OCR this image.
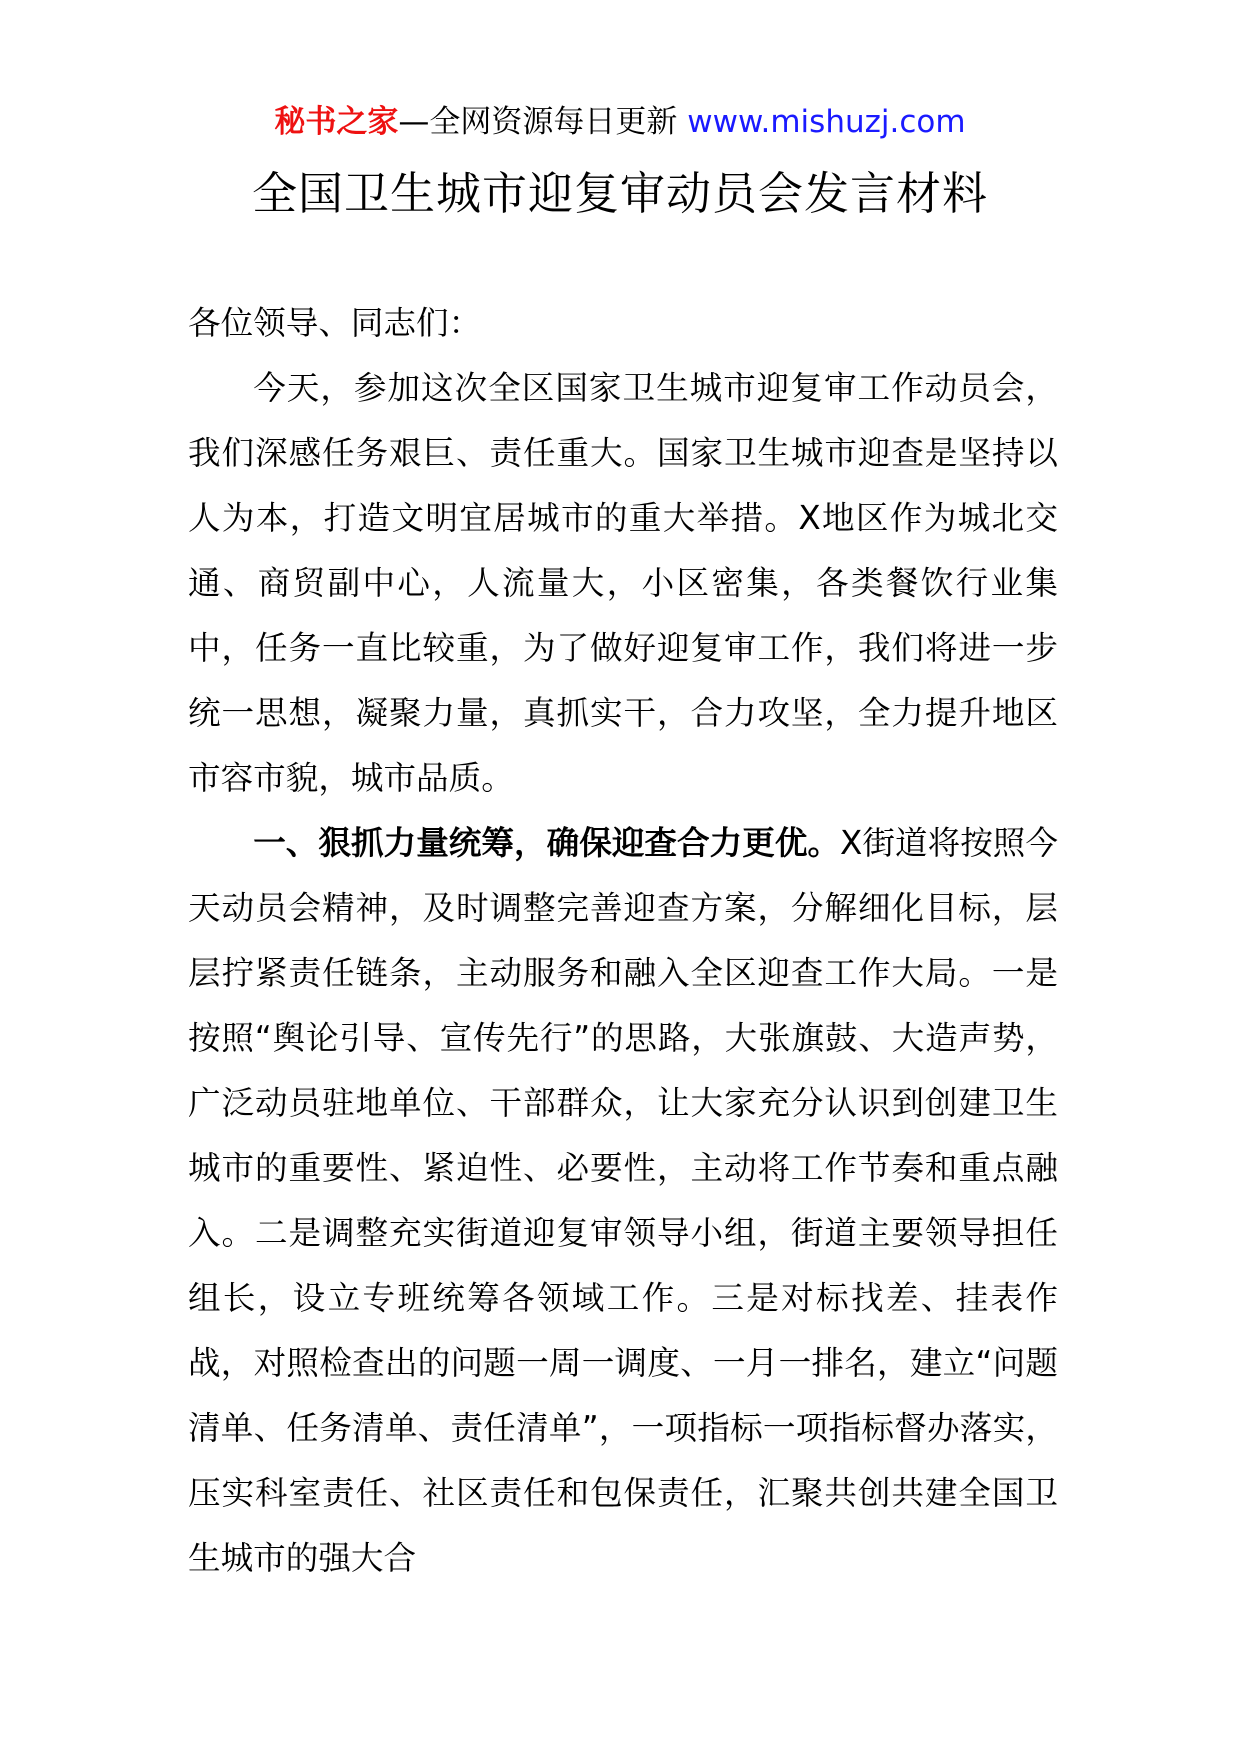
秘书之家—全网资源每日更新 www.mishuzj.com
全国卫生城市迎复审动员会发言材料

各位领导、同志们：

今天，参加这次全区国家卫生城市迎复审工作动员会，我们深感任务艰巨、责任重大。国家卫生城市迎查是坚持以人为本，打造文明宜居城市的重大举措。X地区作为城北交通、商贸副中心，人流量大，小区密集，各类餐饮行业集中，任务一直比较重，为了做好迎复审工作，我们将进一步统一思想，凝聚力量，真抓实干，合力攻坚，全力提升地区市容市貌，城市品质。

一、狠抓力量统筹，确保迎查合力更优。X街道将按照今天动员会精神，及时调整完善迎查方案，分解细化目标，层层拧紧责任链条，主动服务和融入全区迎查工作大局。一是按照“舆论引导、宣传先行”的思路，大张旗鼓、大造声势，广泛动员驻地单位、干部群众，让大家充分认识到创建卫生城市的重要性、紧迫性、必要性，主动将工作节奏和重点融入。二是调整充实街道迎复审领导小组，街道主要领导担任组长，设立专班统筹各领域工作。三是对标找差、挂表作战，对照检查出的问题一周一调度、一月一排名，建立“问题清单、任务清单、责任清单”，一项指标一项指标督办落实，压实科室责任、社区责任和包保责任，汇聚共创共建全国卫生城市的强大合
